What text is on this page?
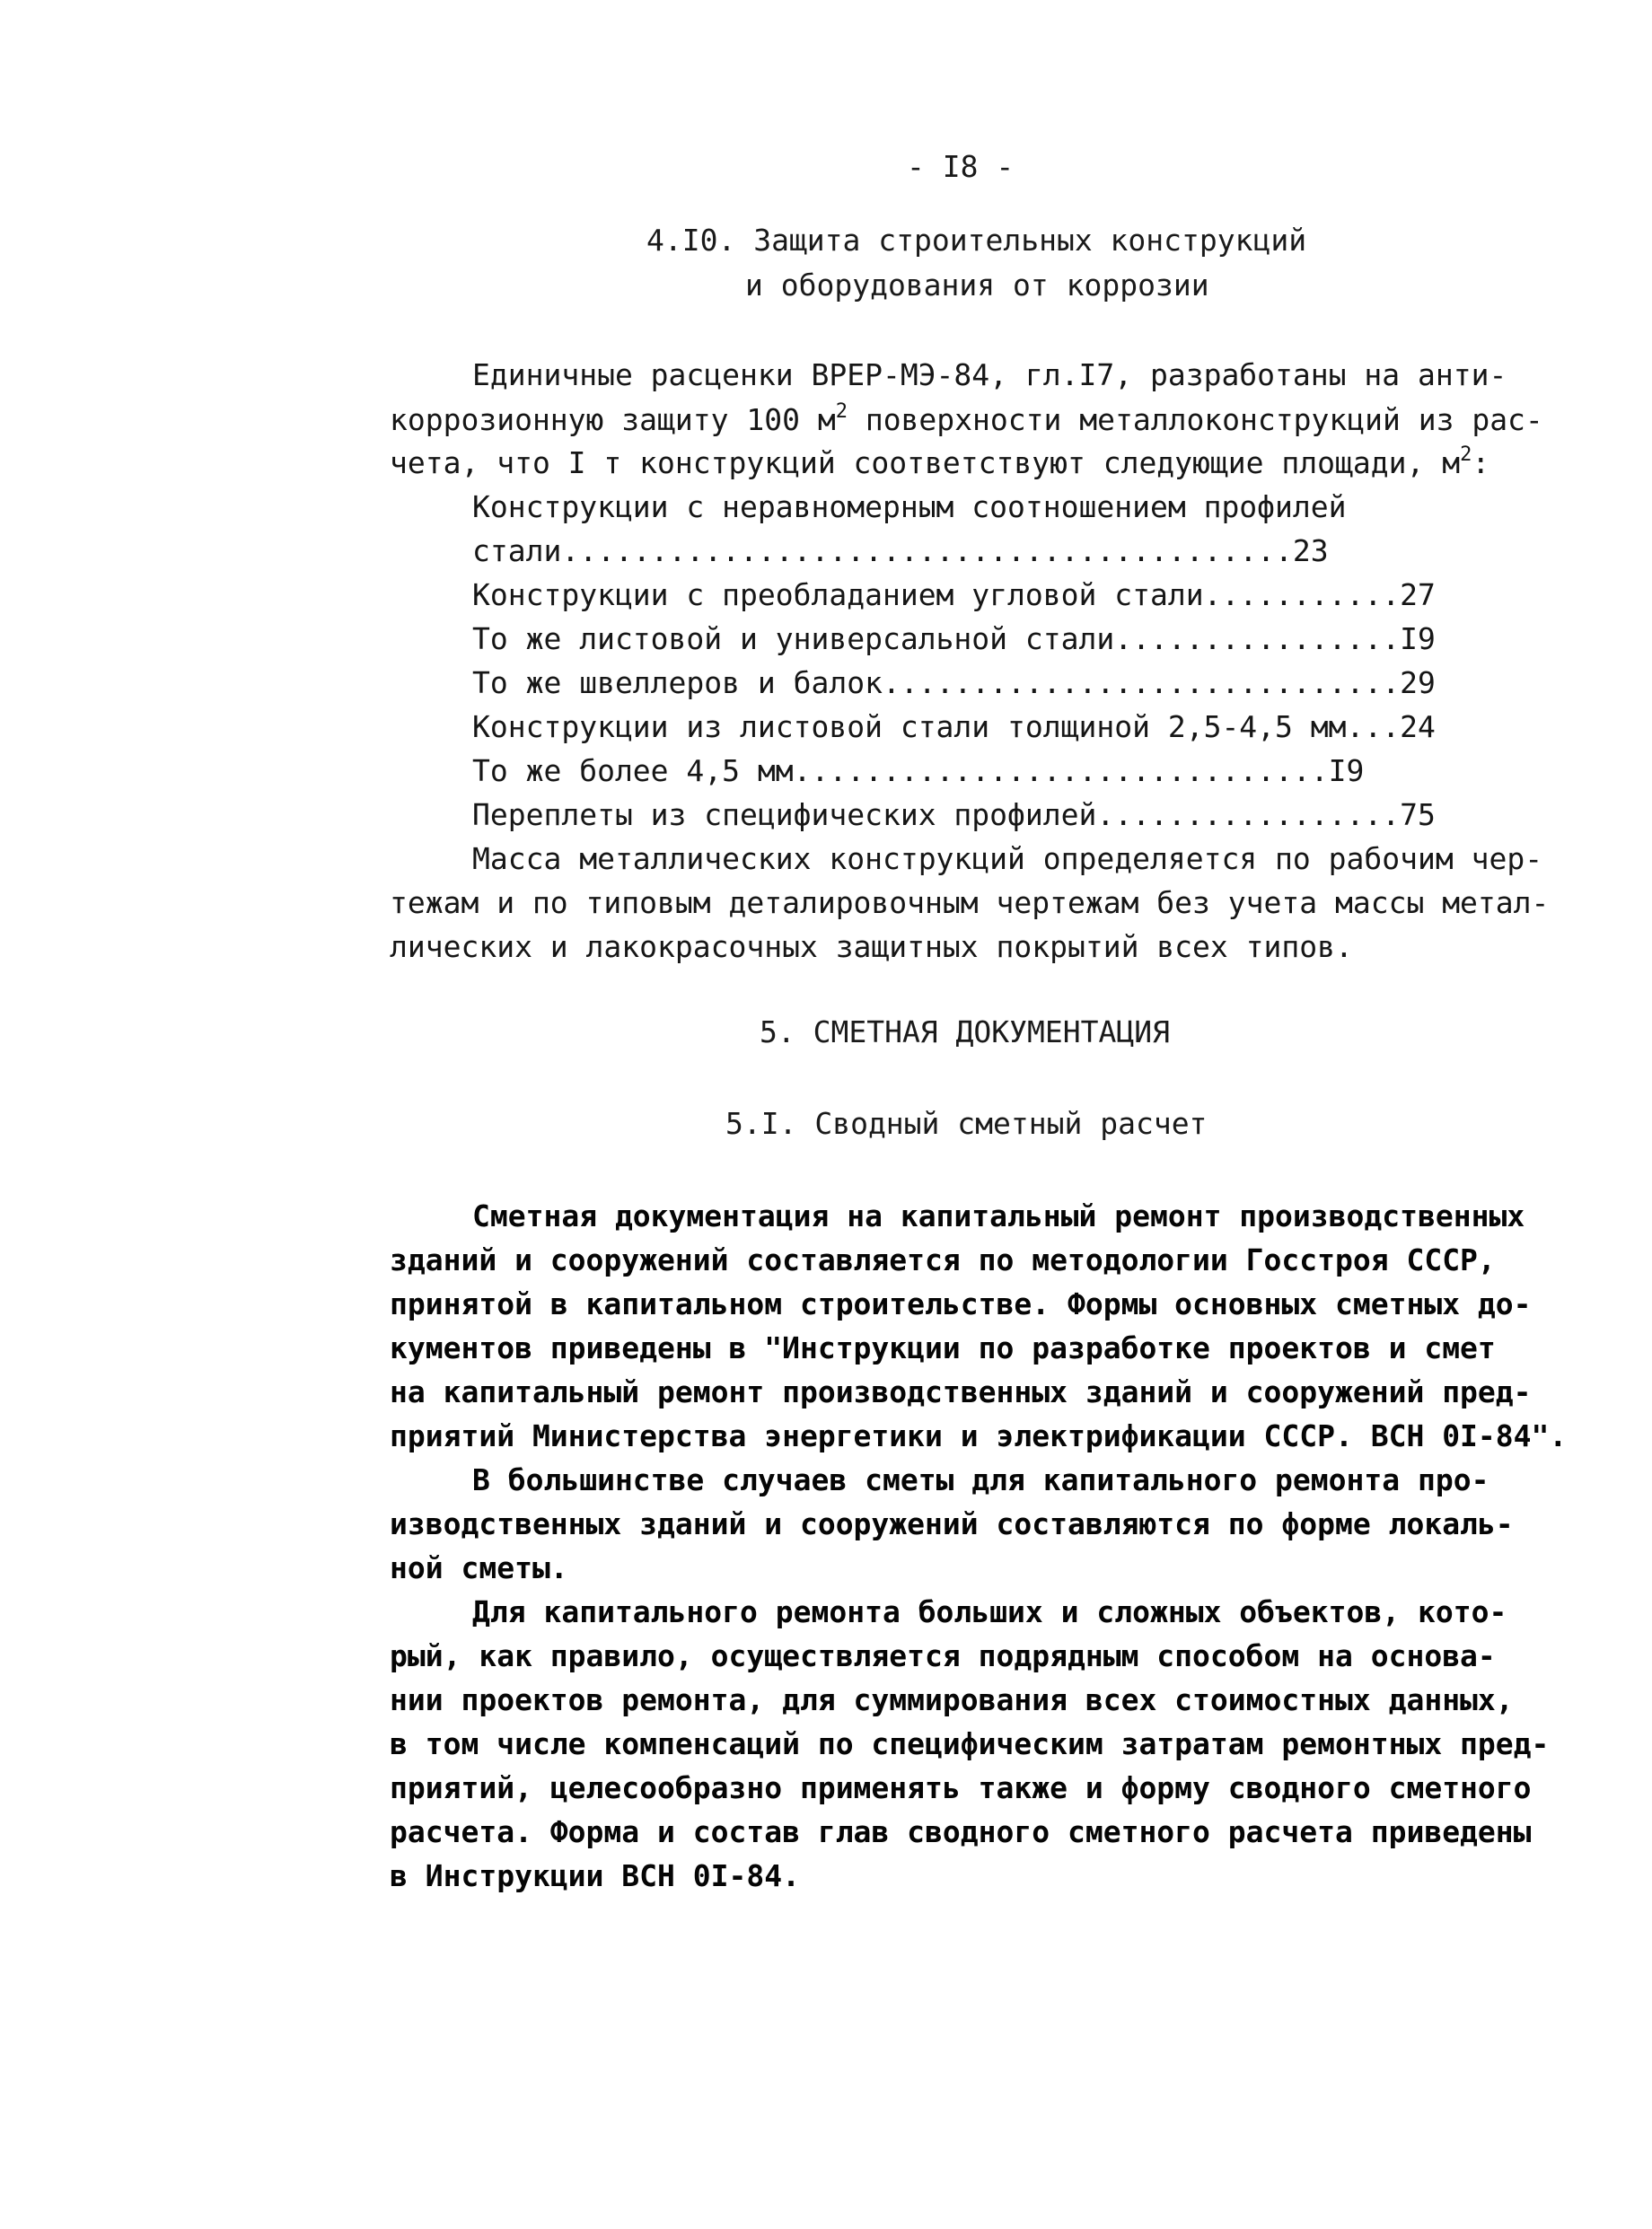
- I8 -

4.I0. Защита строительных конструкций

и оборудования от коррозии

Единичные расценки ВРЕР-МЭ-84, гл.I7, разработаны на анти-

коррозионную защиту 100 $м^2$ поверхности металлоконструкций из рас-

чета, что I т конструкций соответствуют следующие площади, $м^2$:

Конструкции с неравномерным соотношением профилей

стали.........................................23

Конструкции с преобладанием угловой стали...........27

То же листовой и универсальной стали................I9

То же швеллеров и балок.............................29

Конструкции из листовой стали толщиной 2,5-4,5 мм...24

То же более 4,5 мм..............................I9

Переплеты из специфических профилей.................75

Масса металлических конструкций определяется по рабочим чер-

тежам и по типовым деталировочным чертежам без учета массы метал-

лических и лакокрасочных защитных покрытий всех типов.

5. СМЕТНАЯ ДОКУМЕНТАЦИЯ

5.I. Сводный сметный расчет

Сметная документация на капитальный ремонт производственных

зданий и сооружений составляется по методологии Госстроя СССР,

принятой в капитальном строительстве. Формы основных сметных до-

кументов приведены в "Инструкции по разработке проектов и смет

на капитальный ремонт производственных зданий и сооружений пред-

приятий Министерства энергетики и электрификации СССР. ВСН 0I-84".

В большинстве случаев сметы для капитального ремонта про-

изводственных зданий и сооружений составляются по форме локаль-

ной сметы.

Для капитального ремонта больших и сложных объектов, кото-

рый, как правило, осуществляется подрядным способом на основа-

нии проектов ремонта, для суммирования всех стоимостных данных,

в том числе компенсаций по специфическим затратам ремонтных пред-

приятий, целесообразно применять также и форму сводного сметного

расчета. Форма и состав глав сводного сметного расчета приведены

в Инструкции ВСН 0I-84.
